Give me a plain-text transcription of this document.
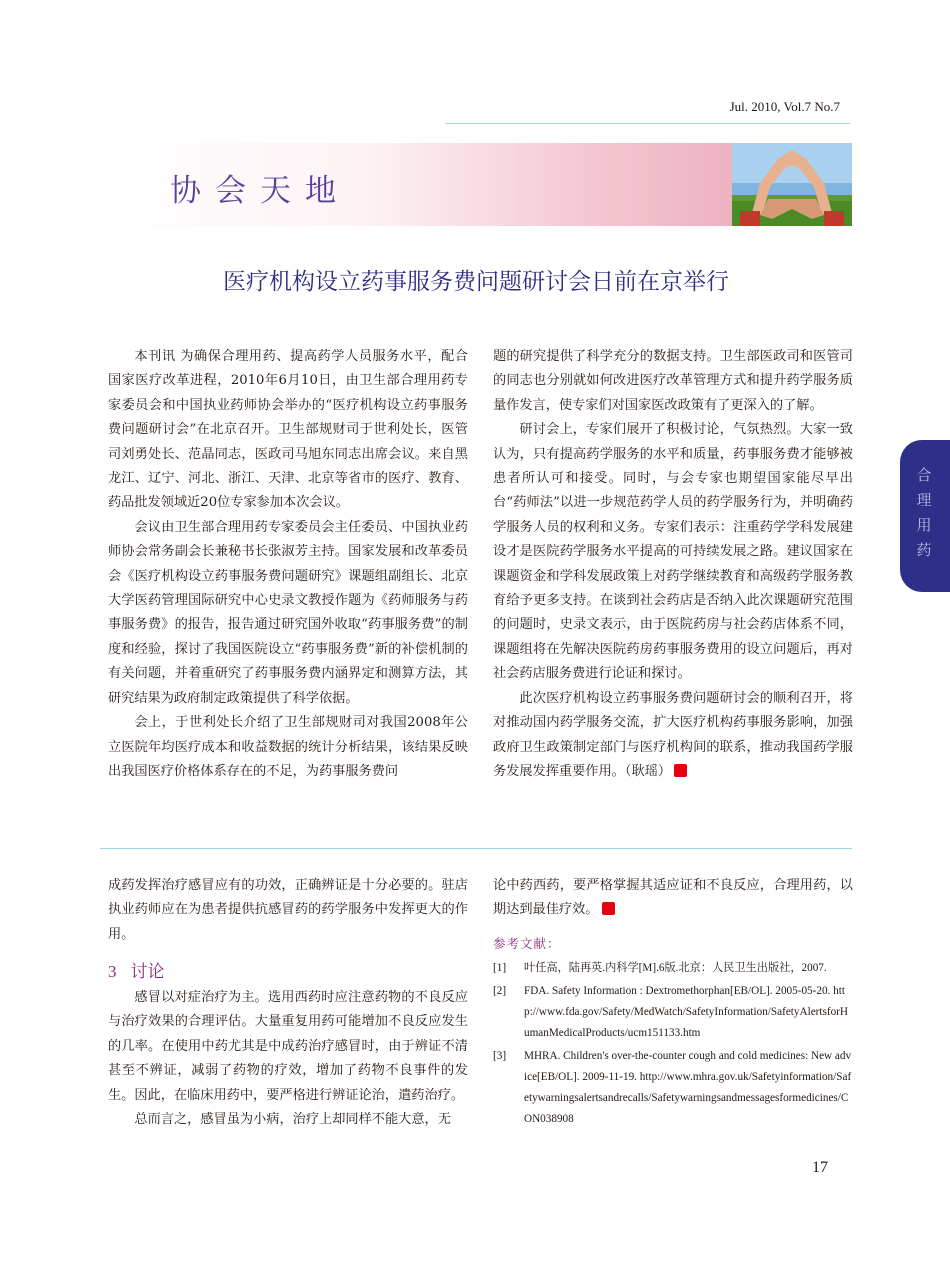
Jul. 2010, Vol.7 No.7
协会天地
合理用药
医疗机构设立药事服务费问题研讨会日前在京举行

本刊讯 为确保合理用药、提高药学人员服务水平，配合国家医疗改革进程，2010年6月10日，由卫生部合理用药专家委员会和中国执业药师协会举办的“医疗机构设立药事服务费问题研讨会”在北京召开。卫生部规财司于世利处长，医管司刘勇处长、范晶同志，医政司马旭东同志出席会议。来自黑龙江、辽宁、河北、浙江、天津、北京等省市的医疗、教育、药品批发领域近20位专家参加本次会议。

会议由卫生部合理用药专家委员会主任委员、中国执业药师协会常务副会长兼秘书长张淑芳主持。国家发展和改革委员会《医疗机构设立药事服务费问题研究》课题组副组长、北京大学医药管理国际研究中心史录文教授作题为《药师服务与药事服务费》的报告，报告通过研究国外收取“药事服务费”的制度和经验，探讨了我国医院设立“药事服务费”新的补偿机制的有关问题，并着重研究了药事服务费内涵界定和测算方法，其研究结果为政府制定政策提供了科学依据。

会上，于世利处长介绍了卫生部规财司对我国2008年公立医院年均医疗成本和收益数据的统计分析结果，该结果反映出我国医疗价格体系存在的不足，为药事服务费问

题的研究提供了科学充分的数据支持。卫生部医政司和医管司的同志也分别就如何改进医疗改革管理方式和提升药学服务质量作发言，使专家们对国家医改政策有了更深入的了解。

研讨会上，专家们展开了积极讨论，气氛热烈。大家一致认为，只有提高药学服务的水平和质量，药事服务费才能够被患者所认可和接受。同时，与会专家也期望国家能尽早出台“药师法”以进一步规范药学人员的药学服务行为，并明确药学服务人员的权利和义务。专家们表示：注重药学学科发展建设才是医院药学服务水平提高的可持续发展之路。建议国家在课题资金和学科发展政策上对药学继续教育和高级药学服务教育给予更多支持。在谈到社会药店是否纳入此次课题研究范围的问题时，史录文表示，由于医院药房与社会药店体系不同，课题组将在先解决医院药房药事服务费用的设立问题后，再对社会药店服务费进行论证和探讨。

此次医疗机构设立药事服务费问题研讨会的顺利召开，将对推动国内药学服务交流，扩大医疗机构药事服务影响，加强政府卫生政策制定部门与医疗机构间的联系，推动我国药学服务发展发挥重要作用。（耿瑶）

成药发挥治疗感冒应有的功效，正确辨证是十分必要的。驻店执业药师应在为患者提供抗感冒药的药学服务中发挥更大的作用。

3 讨论

感冒以对症治疗为主。选用西药时应注意药物的不良反应与治疗效果的合理评估。大量重复用药可能增加不良反应发生的几率。在使用中药尤其是中成药治疗感冒时，由于辨证不清甚至不辨证，减弱了药物的疗效，增加了药物不良事件的发生。因此，在临床用药中，要严格进行辨证论治，遣药治疗。

总而言之，感冒虽为小病，治疗上却同样不能大意，无

论中药西药，要严格掌握其适应证和不良反应，合理用药，以期达到最佳疗效。

参考文献：
[1] 叶任高，陆再英.内科学[M].6版.北京：人民卫生出版社，2007.
[2] FDA. Safety Information : Dextromethorphan[EB/OL]. 2005-05-20. http://www.fda.gov/Safety/MedWatch/SafetyInformation/SafetyAlertsforHumanMedicalProducts/ucm151133.htm
[3] MHRA. Children's over-the-counter cough and cold medicines: New advice[EB/OL]. 2009-11-19. http://www.mhra.gov.uk/Safetyinformation/Safetywarningsalertsandrecalls/Safetywarningsandmessagesformedicines/CON038908
17
